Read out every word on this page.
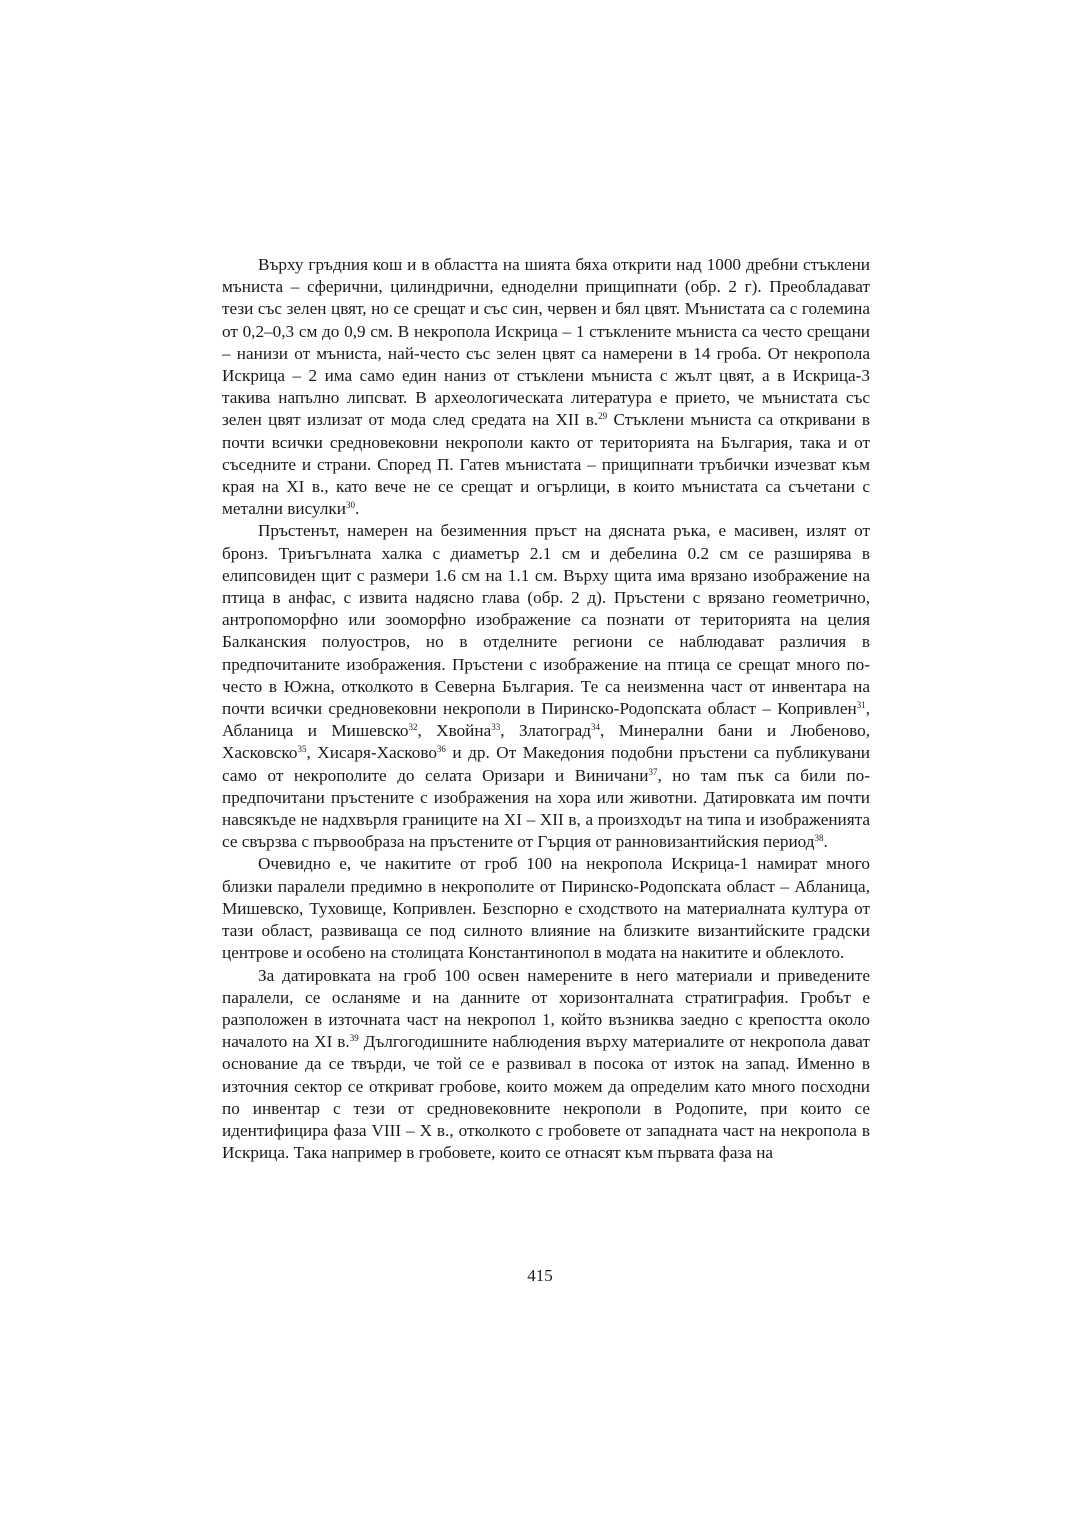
Върху гръдния кош и в областта на шията бяха открити над 1000 дребни стъклени мъниста – сферични, цилиндрични, едноделни прищипнати (обр. 2 г). Преобладават тези със зелен цвят, но се срещат и със син, червен и бял цвят. Мънистата са с големина от 0,2–0,3 см до 0,9 см. В некропола Искрица – 1 стъклените мъниста са често срещани – нанизи от мъниста, най-често със зелен цвят са намерени в 14 гроба. От некропола Искрица – 2 има само един наниз от стъклени мъниста с жълт цвят, а в Искрица-3 такива напълно липсват. В археологическата литература е прието, че мънистата със зелен цвят излизат от мода след средата на XII в.$^{29}$ Стъклени мъниста са откривани в почти всички средновековни некрополи както от територията на България, така и от съседните и страни. Според П. Гатев мънистата – прищипнати тръбички изчезват към края на XI в., като вече не се срещат и огърлици, в които мънистата са съчетани с метални висулки$^{30}$.

Пръстенът, намерен на безименния пръст на дясната ръка, е масивен, излят от бронз. Триъгълната халка с диаметър 2.1 см и дебелина 0.2 см се разширява в елипсовиден щит с размери 1.6 см на 1.1 см. Върху щита има врязано изображение на птица в анфас, с извита надясно глава (обр. 2 д). Пръстени с врязано геометрично, антропоморфно или зооморфно изображение са познати от територията на целия Балканския полуостров, но в отделните региони се наблюдават различия в предпочитаните изображения. Пръстени с изображение на птица се срещат много по-често в Южна, отколкото в Северна България. Те са неизменна част от инвентара на почти всички средновековни некрополи в Пиринско-Родопската област – Копривлен$^{31}$, Абланица и Мишевско$^{32}$, Хвойна$^{33}$, Златоград$^{34}$, Минерални бани и Любеново, Хасковско$^{35}$, Хисаря-Хасково$^{36}$ и др. От Македония подобни пръстени са публикувани само от некрополите до селата Оризари и Виничани$^{37}$, но там пък са били по-предпочитани пръстените с изображения на хора или животни. Датировката им почти навсякъде не надхвърля границите на XI – XII в, а произходът на типа и изображенията се свързва с първообраза на пръстените от Гърция от ранновизантийския период$^{38}$.

Очевидно е, че накитите от гроб 100 на некропола Искрица-1 намират много близки паралели предимно в некрополите от Пиринско-Родопската област – Абланица, Мишевско, Туховище, Копривлен. Безспорно е сходството на материалната култура от тази област, развиваща се под силното влияние на близките византийските градски центрове и особено на столицата Константинопол в модата на накитите и облеклото.

За датировката на гроб 100 освен намерените в него материали и приведените паралели, се осланяме и на данните от хоризонталната стратиграфия. Гробът е разположен в източната част на некропол 1, който възниква заедно с крепостта около началото на XI в.$^{39}$ Дългогодишните наблюдения върху материалите от некропола дават основание да се твърди, че той се е развивал в посока от изток на запад. Именно в източния сектор се откриват гробове, които можем да определим като много посходни по инвентар с тези от средновековните некрополи в Родопите, при които се идентифицира фаза VIII – X в., отколкото с гробовете от западната част на некропола в Искрица. Така например в гробовете, които се отнасят към първата фаза на

415
